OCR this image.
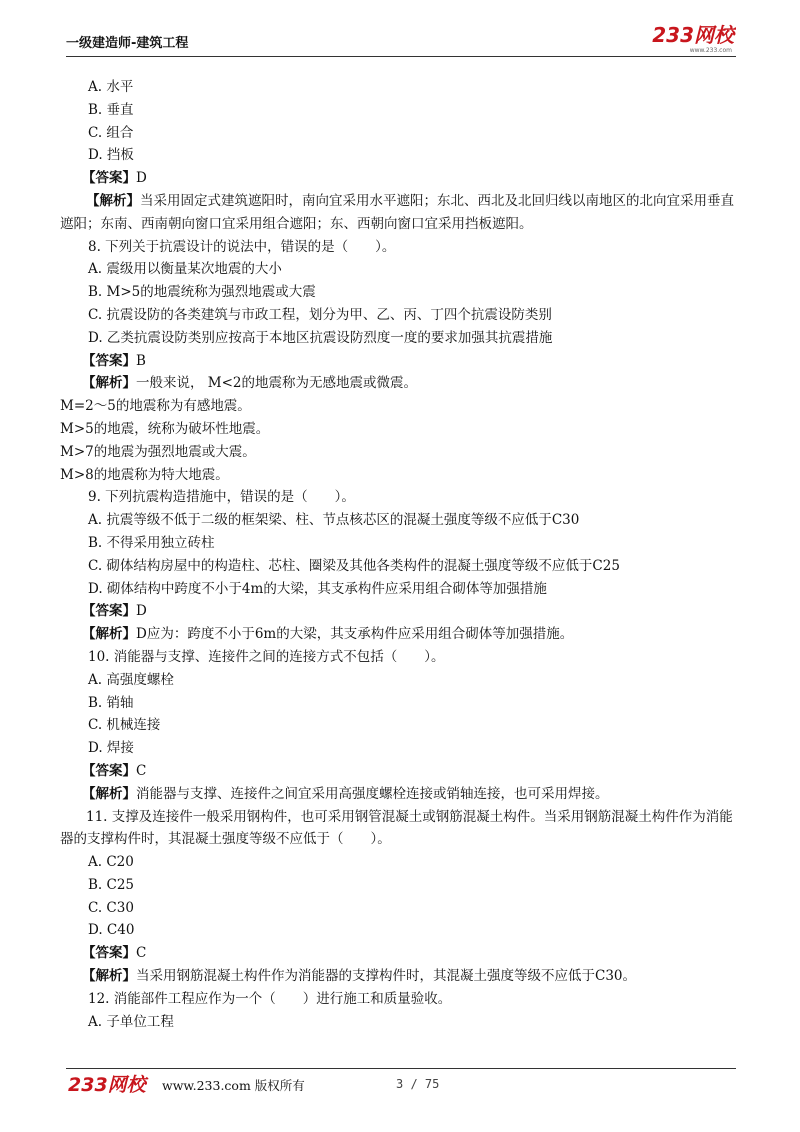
一级建造师-建筑工程	233网校
www.233.com
A. 水平
B. 垂直
C. 组合
D. 挡板
【答案】D
【解析】当采用固定式建筑遮阳时，南向宜采用水平遮阳；东北、西北及北回归线以南地区的北向宜采用垂直遮阳；东南、西南朝向窗口宜采用组合遮阳；东、西朝向窗口宜采用挡板遮阳。
8. 下列关于抗震设计的说法中，错误的是（　　）。
A. 震级用以衡量某次地震的大小
B. M>5的地震统称为强烈地震或大震
C. 抗震设防的各类建筑与市政工程，划分为甲、乙、丙、丁四个抗震设防类别
D. 乙类抗震设防类别应按高于本地区抗震设防烈度一度的要求加强其抗震措施
【答案】B
【解析】一般来说， M<2的地震称为无感地震或微震。
M=2～5的地震称为有感地震。
M>5的地震，统称为破坏性地震。
M>7的地震为强烈地震或大震。
M>8的地震称为特大地震。
9. 下列抗震构造措施中，错误的是（　　）。
A. 抗震等级不低于二级的框架梁、柱、节点核芯区的混凝土强度等级不应低于C30
B. 不得采用独立砖柱
C. 砌体结构房屋中的构造柱、芯柱、圈梁及其他各类构件的混凝土强度等级不应低于C25
D. 砌体结构中跨度不小于4m的大梁，其支承构件应采用组合砌体等加强措施
【答案】D
【解析】D应为：跨度不小于6m的大梁，其支承构件应采用组合砌体等加强措施。
10. 消能器与支撑、连接件之间的连接方式不包括（　　）。
A. 高强度螺栓
B. 销轴
C. 机械连接
D. 焊接
【答案】C
【解析】消能器与支撑、连接件之间宜采用高强度螺栓连接或销轴连接，也可采用焊接。
11. 支撑及连接件一般采用钢构件，也可采用钢管混凝土或钢筋混凝土构件。当采用钢筋混凝土构件作为消能器的支撑构件时，其混凝土强度等级不应低于（　　）。
A. C20
B. C25
C. C30
D. C40
【答案】C
【解析】当采用钢筋混凝土构件作为消能器的支撑构件时，其混凝土强度等级不应低于C30。
12. 消能部件工程应作为一个（　　）进行施工和质量验收。
A. 子单位工程
233网校 www.233.com 版权所有	3 / 75
